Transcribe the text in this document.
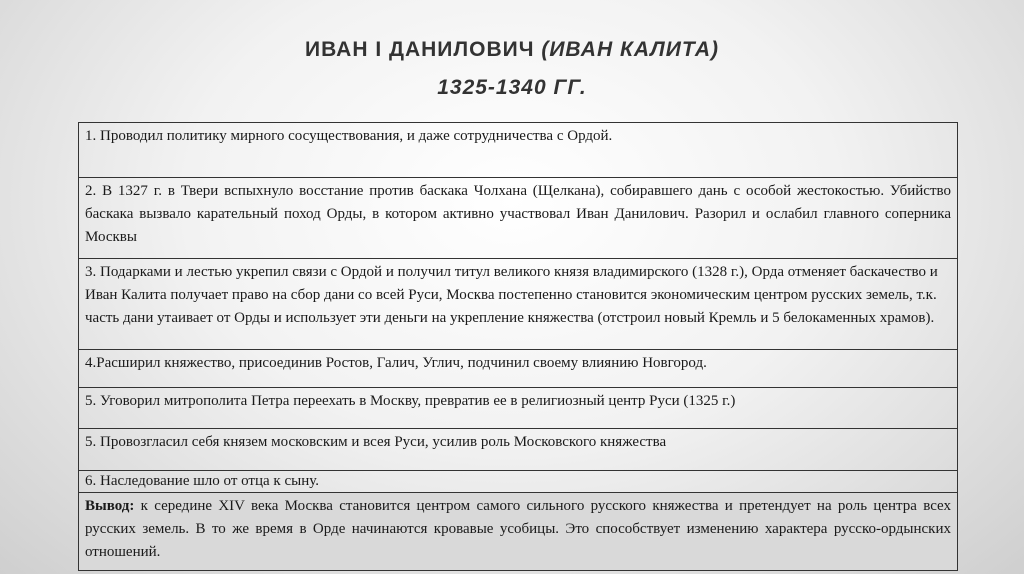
ИВАН I ДАНИЛОВИЧ (ИВАН КАЛИТА)
1325-1340 ГГ.
1. Проводил политику мирного сосуществования, и даже сотрудничества с Ордой.
2. В 1327 г. в Твери вспыхнуло восстание против баскака Чолхана (Щелкана), собиравшего дань с особой жестокостью. Убийство баскака вызвало карательный поход Орды, в котором активно участвовал Иван Данилович. Разорил и ослабил главного соперника Москвы
3. Подарками и лестью укрепил связи с Ордой и получил титул великого князя владимирского (1328 г.), Орда отменяет баскачество и Иван Калита получает право на сбор дани со всей Руси, Москва постепенно становится экономическим центром русских земель, т.к. часть дани утаивает от Орды и использует эти деньги на укрепление княжества (отстроил новый Кремль и 5 белокаменных храмов).
4.Расширил княжество, присоединив Ростов, Галич, Углич, подчинил своему влиянию Новгород.
5. Уговорил митрополита Петра переехать в Москву, превратив ее в религиозный центр Руси (1325 г.)
5. Провозгласил себя князем московским и всея Руси, усилив роль Московского княжества
6. Наследование шло от отца к сыну.
Вывод: к середине XIV века Москва становится центром самого сильного русского княжества и претендует на роль центра всех русских земель. В то же время в Орде начинаются кровавые усобицы. Это способствует изменению характера русско-ордынских отношений.
